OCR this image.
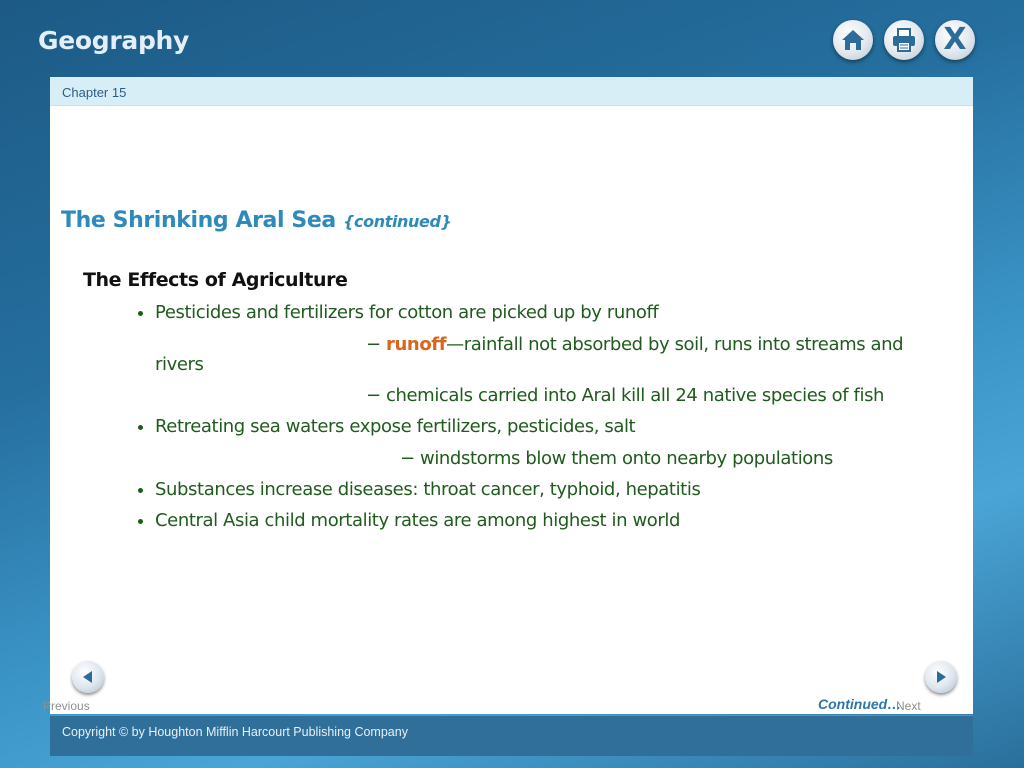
Geography	X
Chapter 15
The Shrinking Aral Sea {continued}
The Effects of Agriculture
Pesticides and fertilizers for cotton are picked up by runoff
− runoff—rainfall not absorbed by soil, runs into streams and
rivers
− chemicals carried into Aral kill all 24 native species of fish
Retreating sea waters expose fertilizers, pesticides, salt
− windstorms blow them onto nearby populations
Substances increase diseases: throat cancer, typhoid, hepatitis
Central Asia child mortality rates are among highest in world
Previous	Continued…
Next
Copyright © by Houghton Mifflin Harcourt Publishing Company
